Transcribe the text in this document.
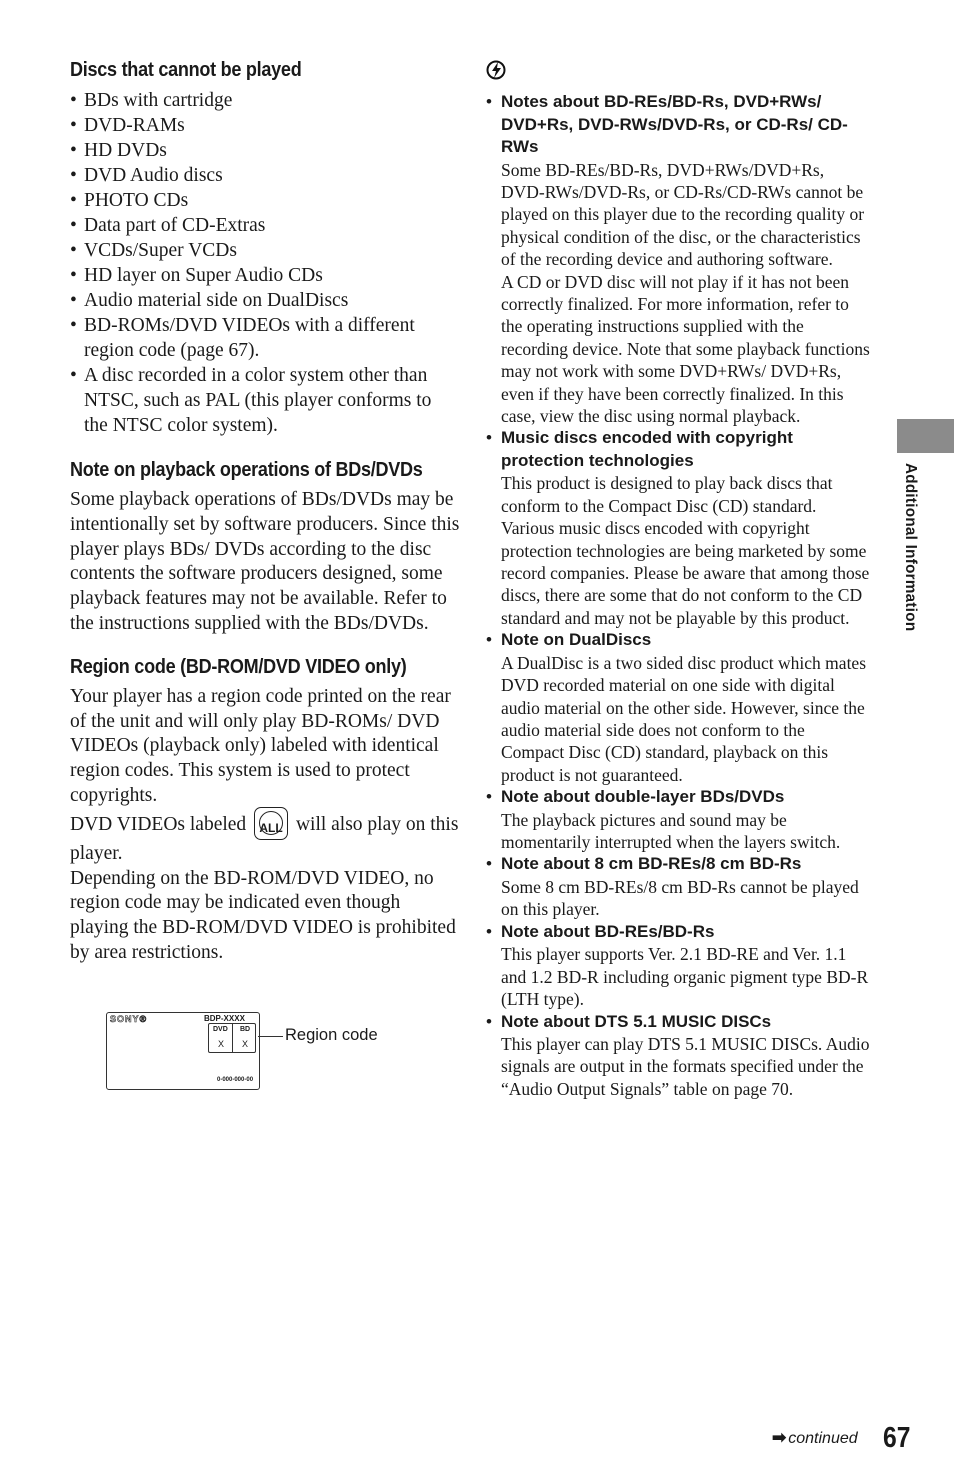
Discs that cannot be played
• BDs with cartridge
• DVD-RAMs
• HD DVDs
• DVD Audio discs
• PHOTO CDs
• Data part of CD-Extras
• VCDs/Super VCDs
• HD layer on Super Audio CDs
• Audio material side on DualDiscs
• BD-ROMs/DVD VIDEOs with a different region code (page 67).
• A disc recorded in a color system other than NTSC, such as PAL (this player conforms to the NTSC color system).
Note on playback operations of BDs/DVDs

Some playback operations of BDs/DVDs may be intentionally set by software producers. Since this player plays BDs/ DVDs according to the disc contents the software producers designed, some playback features may not be available. Refer to the instructions supplied with the BDs/DVDs.

Region code (BD-ROM/DVD VIDEO only)

Your player has a region code printed on the rear of the unit and will only play BD-ROMs/ DVD VIDEOs (playback only) labeled with identical region codes. This system is used to protect copyrights.

DVD VIDEOs labeled	ALL will also play on this player.

Depending on the BD-ROM/DVD VIDEO, no region code may be indicated even though playing the BD-ROM/DVD VIDEO is prohibited by area restrictions.

SONY®	BDP-XXXX
DVD BD
X X
0-000-000-00
Region code

• Notes about BD-REs/BD-Rs, DVD+RWs/ DVD+Rs, DVD-RWs/DVD-Rs, or CD-Rs/ CD-RWs

Some BD-REs/BD-Rs, DVD+RWs/DVD+Rs, DVD-RWs/DVD-Rs, or CD-Rs/CD-RWs cannot be played on this player due to the recording quality or physical condition of the disc, or the characteristics of the recording device and authoring software.

A CD or DVD disc will not play if it has not been correctly finalized. For more information, refer to the operating instructions supplied with the recording device. Note that some playback functions may not work with some DVD+RWs/ DVD+Rs, even if they have been correctly finalized. In this case, view the disc using normal playback.

• Music discs encoded with copyright protection technologies

This product is designed to play back discs that conform to the Compact Disc (CD) standard. Various music discs encoded with copyright protection technologies are being marketed by some record companies. Please be aware that among those discs, there are some that do not conform to the CD standard and may not be playable by this product.

• Note on DualDiscs

A DualDisc is a two sided disc product which mates DVD recorded material on one side with digital audio material on the other side. However, since the audio material side does not conform to the Compact Disc (CD) standard, playback on this product is not guaranteed.

• Note about double-layer BDs/DVDs

The playback pictures and sound may be momentarily interrupted when the layers switch.

• Note about 8 cm BD-REs/8 cm BD-Rs

Some 8 cm BD-REs/8 cm BD-Rs cannot be played on this player.

• Note about BD-REs/BD-Rs

This player supports Ver. 2.1 BD-RE and Ver. 1.1 and 1.2 BD-R including organic pigment type BD-R (LTH type).

• Note about DTS 5.1 MUSIC DISCs

This player can play DTS 5.1 MUSIC DISCs. Audio signals are output in the formats specified under the “Audio Output Signals” table on page 70.

Additional Information
➡ continued 67
